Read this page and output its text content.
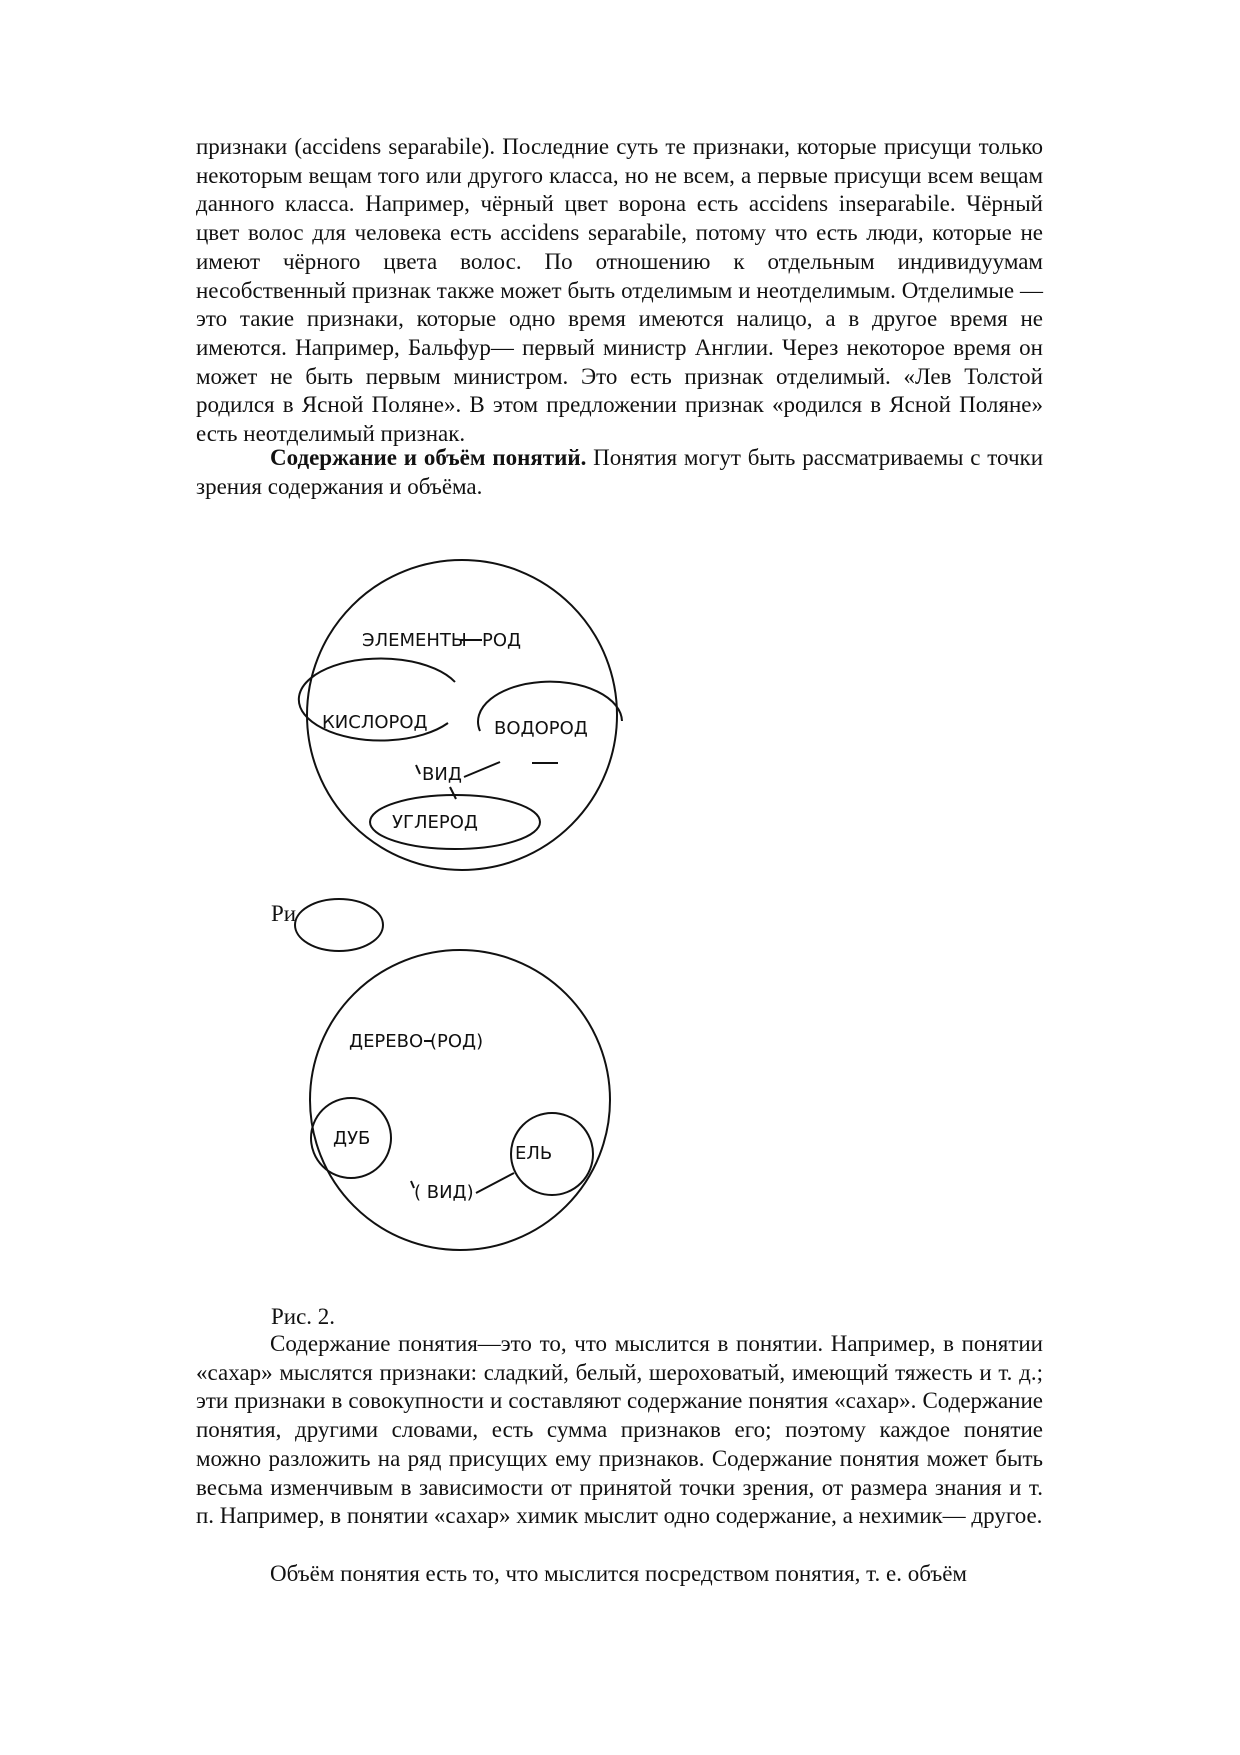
признаки (accidens separabile). Последние суть те признаки, которые присущи только некоторым вещам того или другого класса, но не всем, а первые присущи всем вещам данного класса. Например, чёрный цвет ворона есть accidens inseparabile. Чёрный цвет волос для человека есть accidens separabile, потому что есть люди, которые не имеют чёрного цвета волос. По отношению к отдельным индивидуумам несобственный признак также может быть отделимым и неотделимым. Отделимые — это такие признаки, которые одно время имеются налицо, а в другое время не имеются. Например, Бальфур— первый министр Англии. Через некоторое время он может не быть первым министром. Это есть признак отделимый. «Лев Толстой родился в Ясной Поляне». В этом предложении признак «родился в Ясной Поляне» есть неотделимый признак.

Содержание и объём понятий. Понятия могут быть рассматриваемы с точки зрения содержания и объёма.

ЭЛЕМЕНТЫ РОД
КИСЛОРОД	ВОДОРОД
ВИД
УГЛЕРОД
Ри
ДЕРЕВО (РОД)
ДУБ
ЕЛЬ
( ВИД)
Рис. 2.

Содержание понятия—это то, что мыслится в понятии. Например, в понятии «сахар» мыслятся признаки: сладкий, белый, шероховатый, имеющий тяжесть и т. д.; эти признаки в совокупности и составляют содержание понятия «сахар». Содержание понятия, другими словами, есть сумма признаков его; поэтому каждое понятие можно разложить на ряд присущих ему признаков. Содержание понятия может быть весьма изменчивым в зависимости от принятой точки зрения, от размера знания и т. п. Например, в понятии «сахар» химик мыслит одно содержание, а нехимик— другое.

Объём понятия есть то, что мыслится посредством понятия, т. е. объём
